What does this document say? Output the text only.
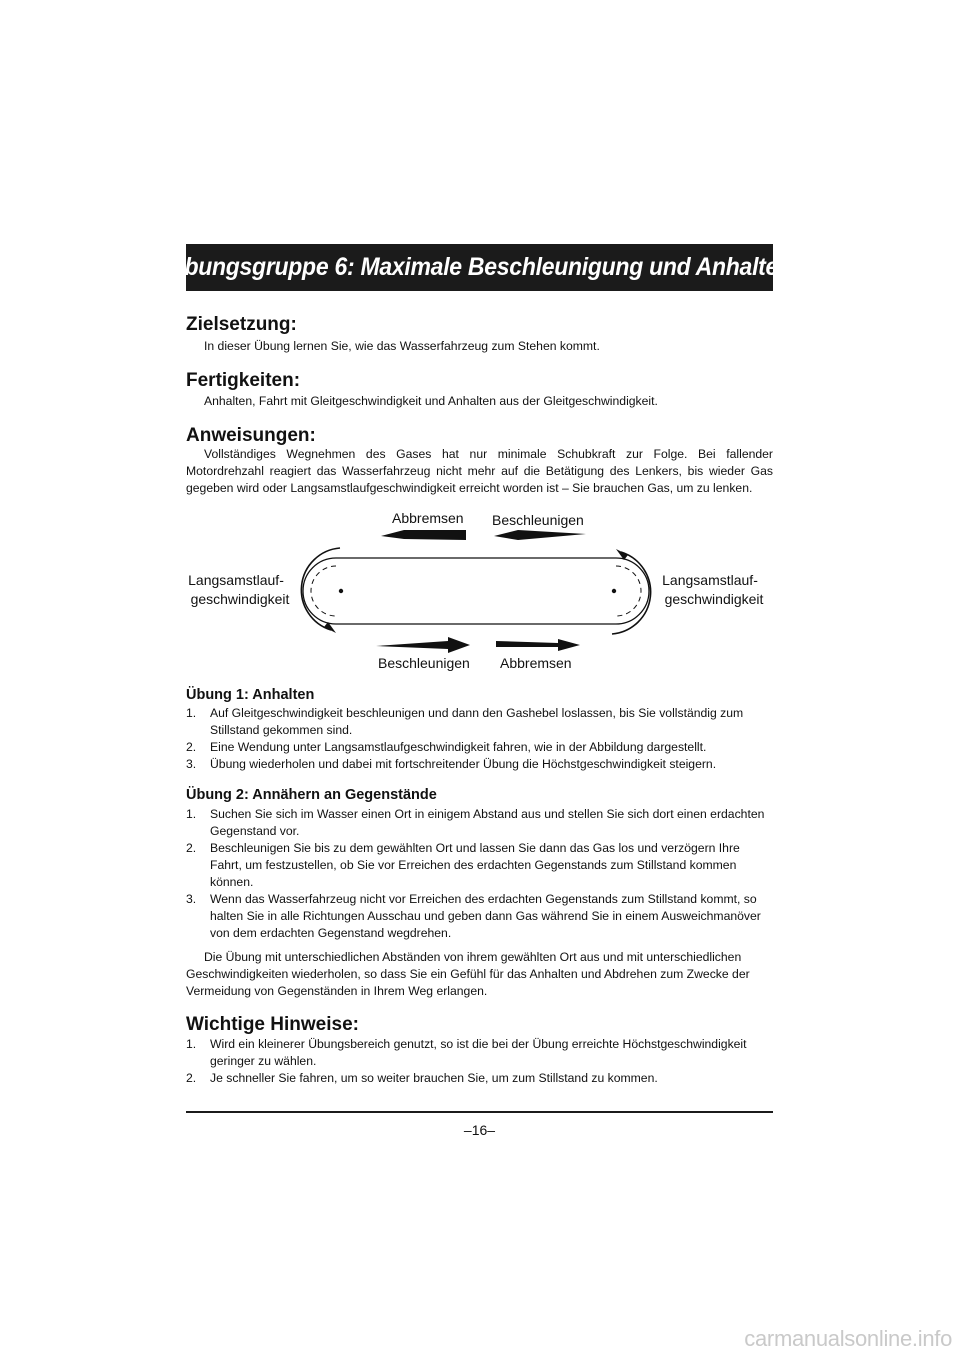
Übungsgruppe 6: Maximale Beschleunigung und Anhalten
Zielsetzung:

In dieser Übung lernen Sie, wie das Wasserfahrzeug zum Stehen kommt.

Fertigkeiten:

Anhalten, Fahrt mit Gleitgeschwindigkeit und Anhalten aus der Gleitgeschwindigkeit.

Anweisungen:

Vollständiges Wegnehmen des Gases hat nur minimale Schubkraft zur Folge. Bei fallender Motordrehzahl reagiert das Wasserfahrzeug nicht mehr auf die Betätigung des Lenkers, bis wieder Gas gegeben wird oder Langsamstlaufgeschwindigkeit erreicht worden ist – Sie brauchen Gas, um zu lenken.

Abbremsen Beschleunigen
Beschleunigen Abbremsen
Langsamstlauf-
geschwindigkeit
Langsamstlauf-
geschwindigkeit
Übung 1: Anhalten
1. Auf Gleitgeschwindigkeit beschleunigen und dann den Gashebel loslassen, bis Sie vollständig zum Stillstand gekommen sind.
2. Eine Wendung unter Langsamstlaufgeschwindigkeit fahren, wie in der Abbildung dargestellt.
3. Übung wiederholen und dabei mit fortschreitender Übung die Höchstgeschwindigkeit steigern.
Übung 2: Annähern an Gegenstände
1. Suchen Sie sich im Wasser einen Ort in einigem Abstand aus und stellen Sie sich dort einen erdachten Gegenstand vor.
2. Beschleunigen Sie bis zu dem gewählten Ort und lassen Sie dann das Gas los und verzögern Ihre Fahrt, um festzustellen, ob Sie vor Erreichen des erdachten Gegenstands zum Stillstand kommen können.
3. Wenn das Wasserfahrzeug nicht vor Erreichen des erdachten Gegenstands zum Stillstand kommt, so halten Sie in alle Richtungen Ausschau und geben dann Gas während Sie in einem Ausweichmanöver von dem erdachten Gegenstand wegdrehen.

Die Übung mit unterschiedlichen Abständen von ihrem gewählten Ort aus und mit unterschiedlichen Geschwindigkeiten wiederholen, so dass Sie ein Gefühl für das Anhalten und Abdrehen zum Zwecke der Vermeidung von Gegenständen in Ihrem Weg erlangen.

Wichtige Hinweise:
1. Wird ein kleinerer Übungsbereich genutzt, so ist die bei der Übung erreichte Höchstgeschwindigkeit geringer zu wählen.
2. Je schneller Sie fahren, um so weiter brauchen Sie, um zum Stillstand zu kommen.
–16–
carmanualsonline.info
